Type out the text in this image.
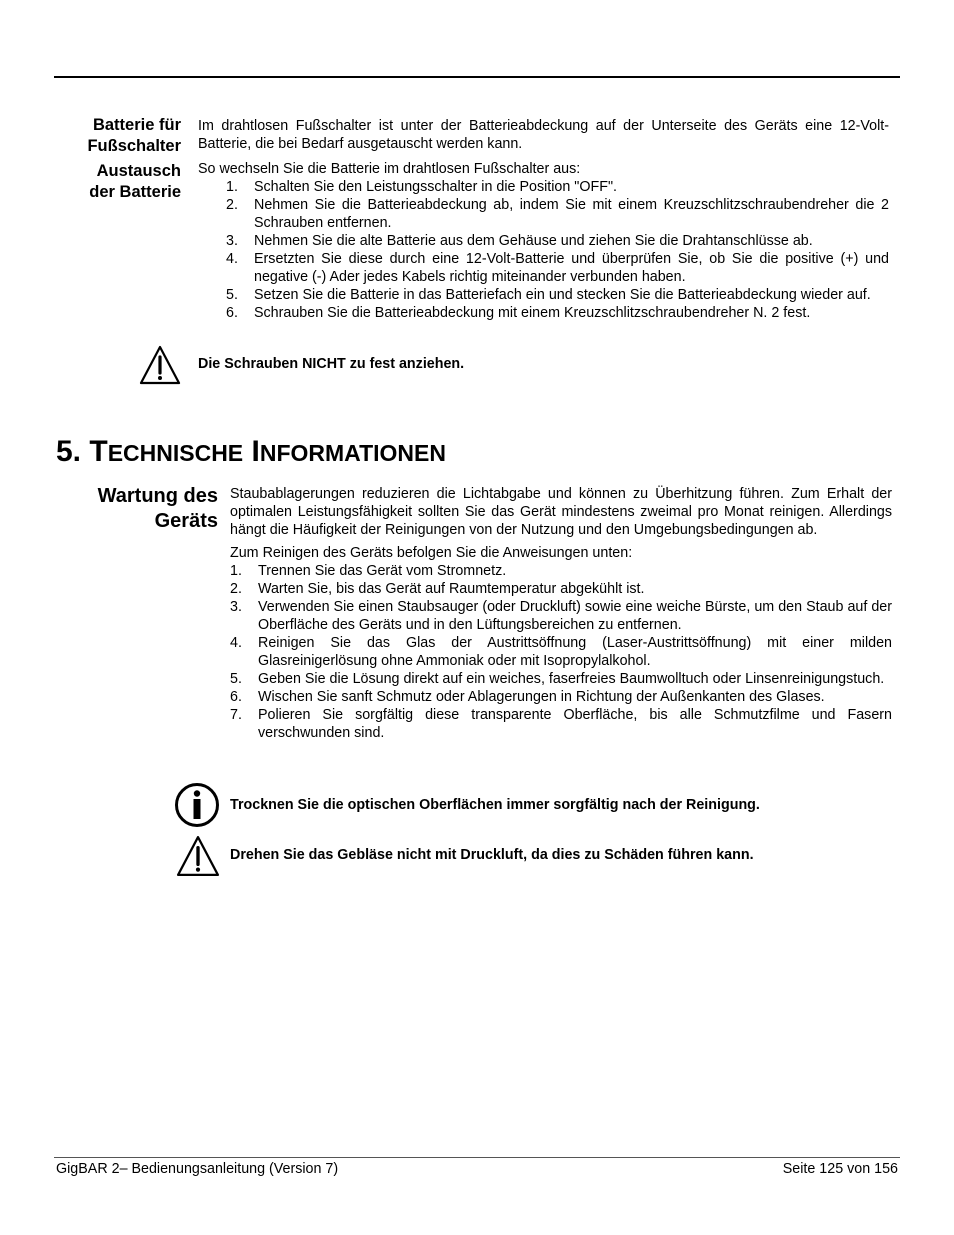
Batterie für
Fußschalter
Austausch
der Batterie

Im drahtlosen Fußschalter ist unter der Batterieabdeckung auf der Unterseite des Geräts eine 12-Volt-Batterie, die bei Bedarf ausgetauscht werden kann.

So wechseln Sie die Batterie im drahtlosen Fußschalter aus:

1. Schalten Sie den Leistungsschalter in die Position "OFF".
2. Nehmen Sie die Batterieabdeckung ab, indem Sie mit einem Kreuzschlitzschraubendreher die 2 Schrauben entfernen.
3. Nehmen Sie die alte Batterie aus dem Gehäuse und ziehen Sie die Drahtanschlüsse ab.
4. Ersetzten Sie diese durch eine 12-Volt-Batterie und überprüfen Sie, ob Sie die positive (+) und negative (-) Ader jedes Kabels richtig miteinander verbunden haben.
5. Setzen Sie die Batterie in das Batteriefach ein und stecken Sie die Batterieabdeckung wieder auf.
6. Schrauben Sie die Batterieabdeckung mit einem Kreuzschlitzschraubendreher N. 2 fest.
Die Schrauben NICHT zu fest anziehen.
5. TECHNISCHE INFORMATIONEN
Wartung des
Geräts

Staubablagerungen reduzieren die Lichtabgabe und können zu Überhitzung führen. Zum Erhalt der optimalen Leistungsfähigkeit sollten Sie das Gerät mindestens zweimal pro Monat reinigen. Allerdings hängt die Häufigkeit der Reinigungen von der Nutzung und den Umgebungsbedingungen ab.

Zum Reinigen des Geräts befolgen Sie die Anweisungen unten:

1. Trennen Sie das Gerät vom Stromnetz.
2. Warten Sie, bis das Gerät auf Raumtemperatur abgekühlt ist.
3. Verwenden Sie einen Staubsauger (oder Druckluft) sowie eine weiche Bürste, um den Staub auf der Oberfläche des Geräts und in den Lüftungsbereichen zu entfernen.
4. Reinigen Sie das Glas der Austrittsöffnung (Laser-Austrittsöffnung) mit einer milden Glasreinigerlösung ohne Ammoniak oder mit Isopropylalkohol.
5. Geben Sie die Lösung direkt auf ein weiches, faserfreies Baumwolltuch oder Linsenreinigungstuch.
6. Wischen Sie sanft Schmutz oder Ablagerungen in Richtung der Außenkanten des Glases.
7. Polieren Sie sorgfältig diese transparente Oberfläche, bis alle Schmutzfilme und Fasern verschwunden sind.
Trocknen Sie die optischen Oberflächen immer sorgfältig nach der Reinigung.
Drehen Sie das Gebläse nicht mit Druckluft, da dies zu Schäden führen kann.
GigBAR 2– Bedienungsanleitung (Version 7)	Seite 125 von 156
